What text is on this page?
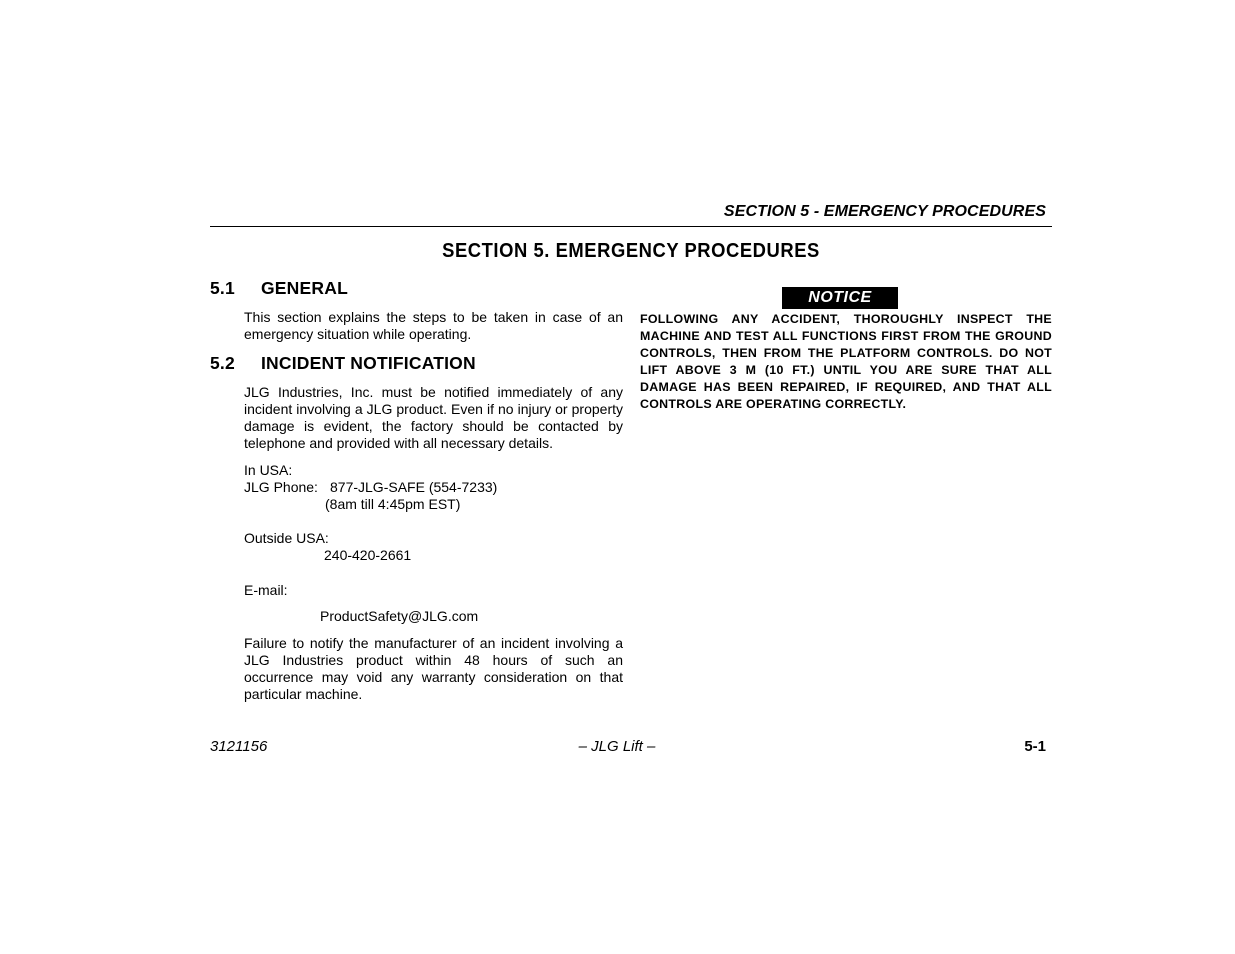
SECTION 5 - EMERGENCY PROCEDURES
SECTION 5. EMERGENCY PROCEDURES
5.1 GENERAL
This section explains the steps to be taken in case of an emergency situation while operating.
5.2 INCIDENT NOTIFICATION
JLG Industries, Inc. must be notified immediately of any incident involving a JLG product. Even if no injury or property damage is evident, the factory should be contacted by telephone and provided with all necessary details.
In USA:
JLG Phone: 877-JLG-SAFE (554-7233)
(8am till 4:45pm EST)
Outside USA:
240-420-2661
E-mail:
ProductSafety@JLG.com
Failure to notify the manufacturer of an incident involving a JLG Industries product within 48 hours of such an occurrence may void any warranty consideration on that particular machine.
NOTICE
FOLLOWING ANY ACCIDENT, THOROUGHLY INSPECT THE MACHINE AND TEST ALL FUNCTIONS FIRST FROM THE GROUND CONTROLS, THEN FROM THE PLATFORM CONTROLS. DO NOT LIFT ABOVE 3 M (10 FT.) UNTIL YOU ARE SURE THAT ALL DAMAGE HAS BEEN REPAIRED, IF REQUIRED, AND THAT ALL CONTROLS ARE OPERATING CORRECTLY.
3121156	– JLG Lift –	5-1
